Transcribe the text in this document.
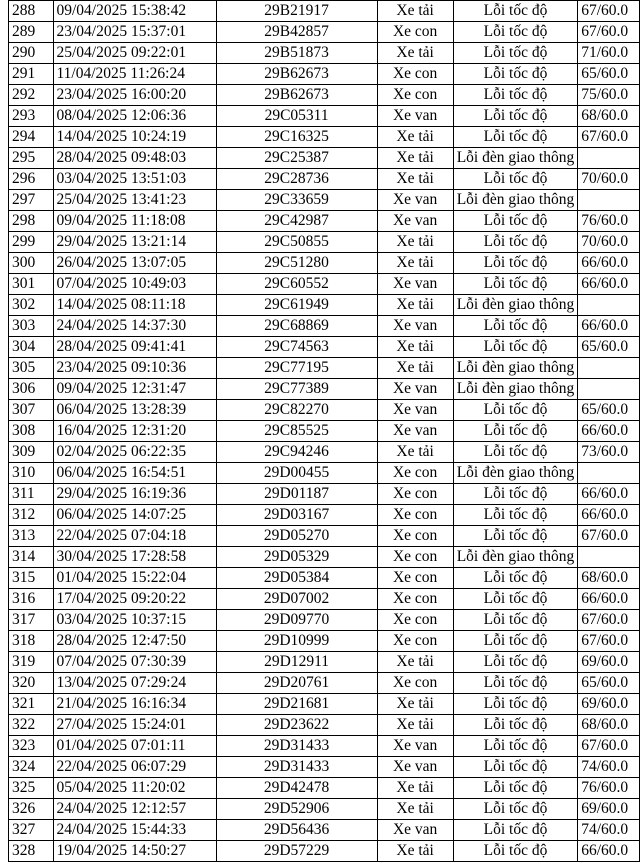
288	09/04/2025 15:38:42	29B21917	Xe tải	Lỗi tốc độ	67/60.0
289	23/04/2025 15:37:01	29B42857	Xe con	Lỗi tốc độ	67/60.0
290	25/04/2025 09:22:01	29B51873	Xe tải	Lỗi tốc độ	71/60.0
291	11/04/2025 11:26:24	29B62673	Xe con	Lỗi tốc độ	65/60.0
292	23/04/2025 16:00:20	29B62673	Xe con	Lỗi tốc độ	75/60.0
293	08/04/2025 12:06:36	29C05311	Xe van	Lỗi tốc độ	68/60.0
294	14/04/2025 10:24:19	29C16325	Xe tải	Lỗi tốc độ	67/60.0
295	28/04/2025 09:48:03	29C25387	Xe tải	Lỗi đèn giao thông	
296	03/04/2025 13:51:03	29C28736	Xe tải	Lỗi tốc độ	70/60.0
297	25/04/2025 13:41:23	29C33659	Xe van	Lỗi đèn giao thông	
298	09/04/2025 11:18:08	29C42987	Xe van	Lỗi tốc độ	76/60.0
299	29/04/2025 13:21:14	29C50855	Xe tải	Lỗi tốc độ	70/60.0
300	26/04/2025 13:07:05	29C51280	Xe tải	Lỗi tốc độ	66/60.0
301	07/04/2025 10:49:03	29C60552	Xe van	Lỗi tốc độ	66/60.0
302	14/04/2025 08:11:18	29C61949	Xe tải	Lỗi đèn giao thông	
303	24/04/2025 14:37:30	29C68869	Xe van	Lỗi tốc độ	66/60.0
304	28/04/2025 09:41:41	29C74563	Xe tải	Lỗi tốc độ	65/60.0
305	23/04/2025 09:10:36	29C77195	Xe tải	Lỗi đèn giao thông	
306	09/04/2025 12:31:47	29C77389	Xe van	Lỗi đèn giao thông	
307	06/04/2025 13:28:39	29C82270	Xe van	Lỗi tốc độ	65/60.0
308	16/04/2025 12:31:20	29C85525	Xe van	Lỗi tốc độ	66/60.0
309	02/04/2025 06:22:35	29C94246	Xe tải	Lỗi tốc độ	73/60.0
310	06/04/2025 16:54:51	29D00455	Xe con	Lỗi đèn giao thông	
311	29/04/2025 16:19:36	29D01187	Xe con	Lỗi tốc độ	66/60.0
312	06/04/2025 14:07:25	29D03167	Xe con	Lỗi tốc độ	66/60.0
313	22/04/2025 07:04:18	29D05270	Xe con	Lỗi tốc độ	67/60.0
314	30/04/2025 17:28:58	29D05329	Xe con	Lỗi đèn giao thông	
315	01/04/2025 15:22:04	29D05384	Xe con	Lỗi tốc độ	68/60.0
316	17/04/2025 09:20:22	29D07002	Xe con	Lỗi tốc độ	66/60.0
317	03/04/2025 10:37:15	29D09770	Xe con	Lỗi tốc độ	67/60.0
318	28/04/2025 12:47:50	29D10999	Xe con	Lỗi tốc độ	67/60.0
319	07/04/2025 07:30:39	29D12911	Xe tải	Lỗi tốc độ	69/60.0
320	13/04/2025 07:29:24	29D20761	Xe con	Lỗi tốc độ	65/60.0
321	21/04/2025 16:16:34	29D21681	Xe tải	Lỗi tốc độ	69/60.0
322	27/04/2025 15:24:01	29D23622	Xe tải	Lỗi tốc độ	68/60.0
323	01/04/2025 07:01:11	29D31433	Xe van	Lỗi tốc độ	67/60.0
324	22/04/2025 06:07:29	29D31433	Xe van	Lỗi tốc độ	74/60.0
325	05/04/2025 11:20:02	29D42478	Xe tải	Lỗi tốc độ	76/60.0
326	24/04/2025 12:12:57	29D52906	Xe tải	Lỗi tốc độ	69/60.0
327	24/04/2025 15:44:33	29D56436	Xe van	Lỗi tốc độ	74/60.0
328	19/04/2025 14:50:27	29D57229	Xe tải	Lỗi tốc độ	66/60.0
